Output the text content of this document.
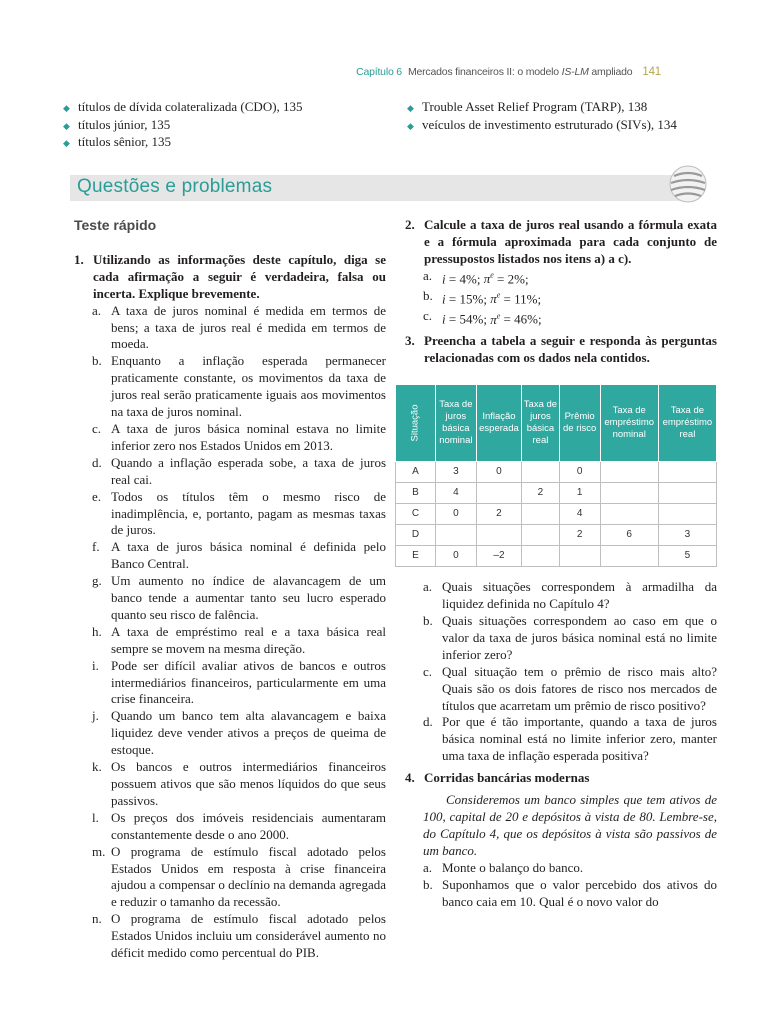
Capítulo 6 Mercados financeiros II: o modelo IS-LM ampliado 141
◆ títulos de dívida colateralizada (CDO), 135
◆ títulos júnior, 135
◆ títulos sênior, 135
◆ Trouble Asset Relief Program (TARP), 138
◆ veículos de investimento estruturado (SIVs), 134
Questões e problemas
Teste rápido

1. Utilizando as informações deste capítulo, diga se cada afirmação a seguir é verdadeira, falsa ou incerta. Explique brevemente.

a. A taxa de juros nominal é medida em termos de bens; a taxa de juros real é medida em termos de moeda.

b. Enquanto a inflação esperada permanecer praticamente constante, os movimentos da taxa de juros real serão praticamente iguais aos movimentos na taxa de juros nominal.

c. A taxa de juros básica nominal estava no limite inferior zero nos Estados Unidos em 2013.

d. Quando a inflação esperada sobe, a taxa de juros real cai.

e. Todos os títulos têm o mesmo risco de inadimplência, e, portanto, pagam as mesmas taxas de juros.

f. A taxa de juros básica nominal é definida pelo Banco Central.

g. Um aumento no índice de alavancagem de um banco tende a aumentar tanto seu lucro esperado quanto seu risco de falência.

h. A taxa de empréstimo real e a taxa básica real sempre se movem na mesma direção.

i. Pode ser difícil avaliar ativos de bancos e outros intermediários financeiros, particularmente em uma crise financeira.

j. Quando um banco tem alta alavancagem e baixa liquidez deve vender ativos a preços de queima de estoque.

k. Os bancos e outros intermediários financeiros possuem ativos que são menos líquidos do que seus passivos.

l. Os preços dos imóveis residenciais aumentaram constantemente desde o ano 2000.

m. O programa de estímulo fiscal adotado pelos Estados Unidos em resposta à crise financeira ajudou a compensar o declínio na demanda agregada e reduzir o tamanho da recessão.

n. O programa de estímulo fiscal adotado pelos Estados Unidos incluiu um considerável aumento no déficit medido como percentual do PIB.

2. Calcule a taxa de juros real usando a fórmula exata e a fórmula aproximada para cada conjunto de pressupostos listados nos itens a) a c).

a. i = 4%; $\pi^e = 2\%$;

b. i = 15%; $\pi^e = 11\%$;

c. i = 54%; $\pi^e = 46\%$;

3. Preencha a tabela a seguir e responda às perguntas relacionadas com os dados nela contidos.

Situação	Taxa de juros básica nominal	Inflação esperada	Taxa de juros básica real	Prêmio de risco	Taxa de empréstimo nominal	Taxa de empréstimo real
A	3	0		0		
B	4		2	1		
C	0	2		4		
D				2	6	3
E	0	–2				5

a. Quais situações correspondem à armadilha da liquidez definida no Capítulo 4?

b. Quais situações correspondem ao caso em que o valor da taxa de juros básica nominal está no limite inferior zero?

c. Qual situação tem o prêmio de risco mais alto? Quais são os dois fatores de risco nos mercados de títulos que acarretam um prêmio de risco positivo?

d. Por que é tão importante, quando a taxa de juros básica nominal está no limite inferior zero, manter uma taxa de inflação esperada positiva?

4. Corridas bancárias modernas

Consideremos um banco simples que tem ativos de 100, capital de 20 e depósitos à vista de 80. Lembre-se, do Capítulo 4, que os depósitos à vista são passivos de um banco.

a. Monte o balanço do banco.

b. Suponhamos que o valor percebido dos ativos do banco caia em 10. Qual é o novo valor do
